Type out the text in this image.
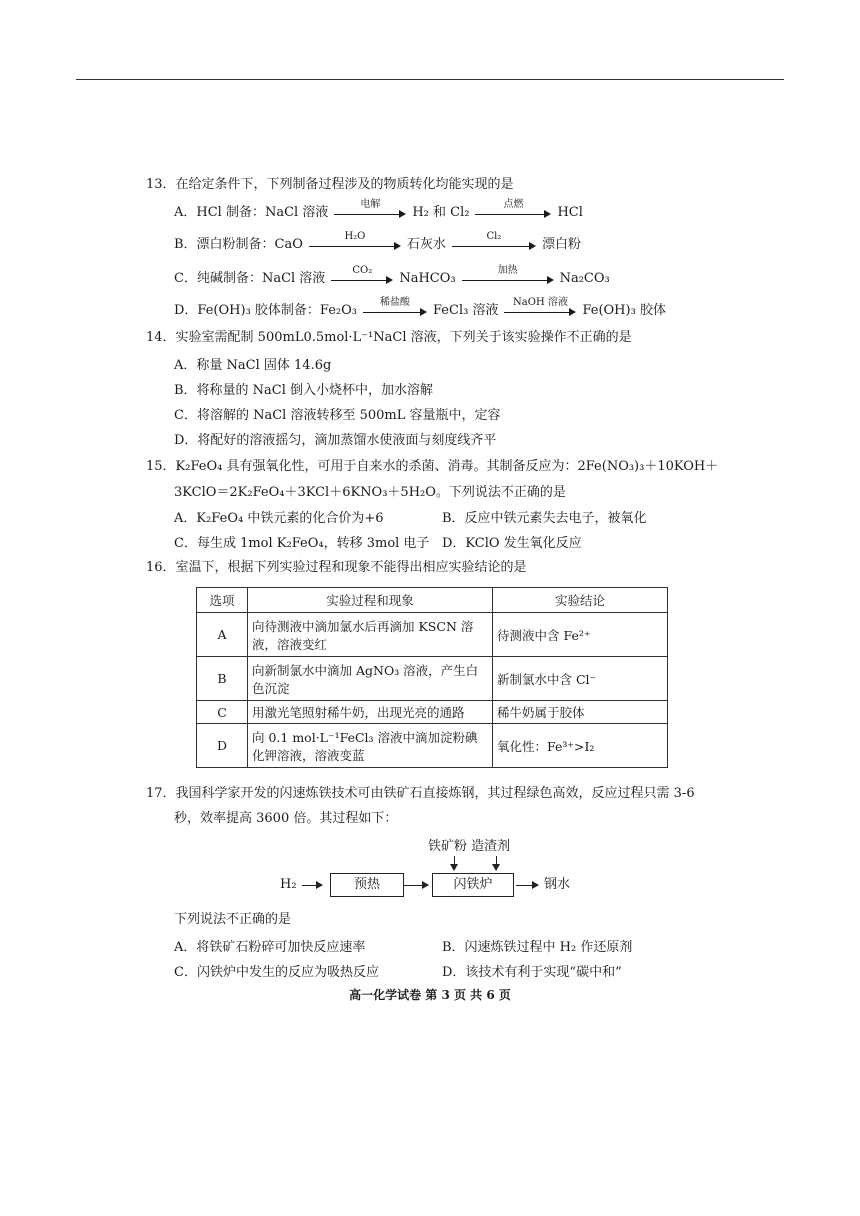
13．在给定条件下，下列制备过程涉及的物质转化均能实现的是
A．HCl 制备：NaCl 溶液
电解
H₂ 和 Cl₂
点燃
HCl
B．漂白粉制备：CaO
H₂O
石灰水
Cl₂
漂白粉
C．纯碱制备：NaCl 溶液
CO₂
NaHCO₃
加热
Na₂CO₃
D．Fe(OH)₃ 胶体制备：Fe₂O₃
稀盐酸
FeCl₃ 溶液
NaOH 溶液
Fe(OH)₃ 胶体
14．实验室需配制 500mL0.5mol·L⁻¹NaCl 溶液，下列关于该实验操作不正确的是
A．称量 NaCl 固体 14.6g
B．将称量的 NaCl 倒入小烧杯中，加水溶解
C．将溶解的 NaCl 溶液转移至 500mL 容量瓶中，定容
D．将配好的溶液摇匀，滴加蒸馏水使液面与刻度线齐平
15．K₂FeO₄ 具有强氧化性，可用于自来水的杀菌、消毒。其制备反应为：2Fe(NO₃)₃＋10KOH＋
3KClO＝2K₂FeO₄＋3KCl＋6KNO₃＋5H₂O。下列说法不正确的是
A．K₂FeO₄ 中铁元素的化合价为+6	B．反应中铁元素失去电子，被氧化
C．每生成 1mol K₂FeO₄，转移 3mol 电子 D．KClO 发生氧化反应
16．室温下，根据下列实验过程和现象不能得出相应实验结论的是
选项	实验过程和现象	实验结论
A	向待测液中滴加氯水后再滴加 KSCN 溶液，溶液变红	待测液中含 Fe²⁺
B	向新制氯水中滴加 AgNO₃ 溶液，产生白色沉淀	新制氯水中含 Cl⁻
C	用激光笔照射稀牛奶，出现光亮的通路	稀牛奶属于胶体
D	向 0.1 mol·L⁻¹FeCl₃ 溶液中滴加淀粉碘化钾溶液，溶液变蓝	氧化性：Fe³⁺>I₂
17．我国科学家开发的闪速炼铁技术可由铁矿石直接炼钢，其过程绿色高效，反应过程只需 3-6
秒，效率提高 3600 倍。其过程如下：
铁矿粉 造渣剂
H₂	预热	闪铁炉	钢水
下列说法不正确的是
A．将铁矿石粉碎可加快反应速率	B．闪速炼铁过程中 H₂ 作还原剂
C．闪铁炉中发生的反应为吸热反应	D．该技术有利于实现“碳中和”
高一化学试卷 第 3 页 共 6 页
